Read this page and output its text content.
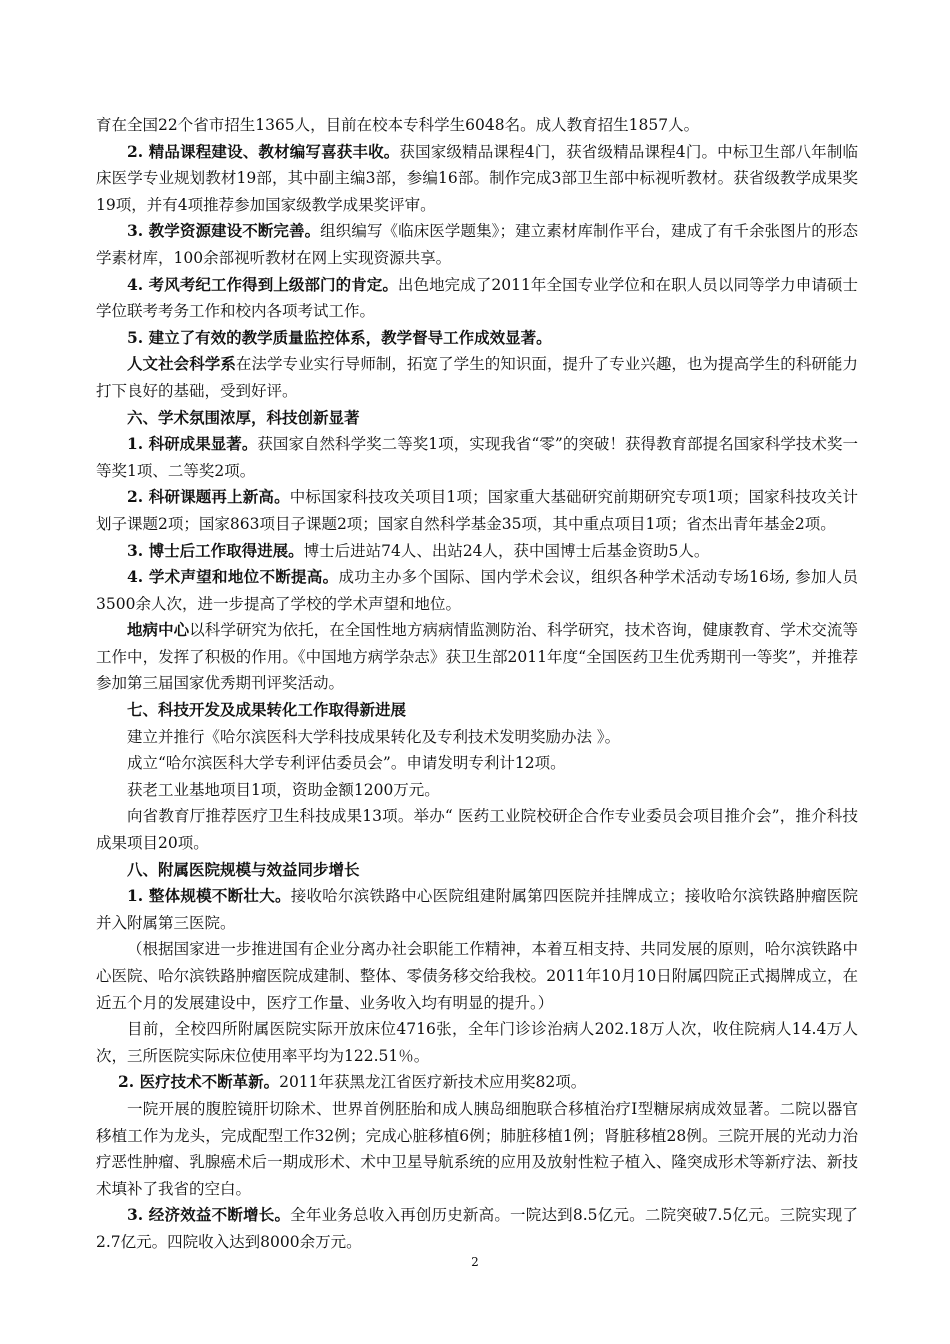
育在全国22个省市招生1365人，目前在校本专科学生6048名。成人教育招生1857人。

2. 精品课程建设、教材编写喜获丰收。获国家级精品课程4门，获省级精品课程4门。中标卫生部八年制临床医学专业规划教材19部，其中副主编3部，参编16部。制作完成3部卫生部中标视听教材。获省级教学成果奖19项，并有4项推荐参加国家级教学成果奖评审。

3. 教学资源建设不断完善。组织编写《临床医学题集》；建立素材库制作平台，建成了有千余张图片的形态学素材库，100余部视听教材在网上实现资源共享。

4. 考风考纪工作得到上级部门的肯定。出色地完成了2011年全国专业学位和在职人员以同等学力申请硕士学位联考考务工作和校内各项考试工作。

5. 建立了有效的教学质量监控体系，教学督导工作成效显著。

人文社会科学系在法学专业实行导师制，拓宽了学生的知识面，提升了专业兴趣，也为提高学生的科研能力打下良好的基础，受到好评。

六、学术氛围浓厚，科技创新显著

1. 科研成果显著。获国家自然科学奖二等奖1项，实现我省“零”的突破！获得教育部提名国家科学技术奖一等奖1项、二等奖2项。

2. 科研课题再上新高。中标国家科技攻关项目1项；国家重大基础研究前期研究专项1项；国家科技攻关计划子课题2项；国家863项目子课题2项；国家自然科学基金35项，其中重点项目1项；省杰出青年基金2项。

3. 博士后工作取得进展。博士后进站74人、出站24人，获中国博士后基金资助5人。

4. 学术声望和地位不断提高。成功主办多个国际、国内学术会议，组织各种学术活动专场16场, 参加人员3500余人次，进一步提高了学校的学术声望和地位。

地病中心以科学研究为依托，在全国性地方病病情监测防治、科学研究，技术咨询，健康教育、学术交流等工作中，发挥了积极的作用。《中国地方病学杂志》获卫生部2011年度“全国医药卫生优秀期刊一等奖”，并推荐参加第三届国家优秀期刊评奖活动。

七、科技开发及成果转化工作取得新进展

建立并推行《哈尔滨医科大学科技成果转化及专利技术发明奖励办法 》。

成立“哈尔滨医科大学专利评估委员会”。申请发明专利计12项。

获老工业基地项目1项，资助金额1200万元。

向省教育厅推荐医疗卫生科技成果13项。举办“ 医药工业院校研企合作专业委员会项目推介会”，推介科技成果项目20项。

八、附属医院规模与效益同步增长

1. 整体规模不断壮大。接收哈尔滨铁路中心医院组建附属第四医院并挂牌成立；接收哈尔滨铁路肿瘤医院并入附属第三医院。

（根据国家进一步推进国有企业分离办社会职能工作精神，本着互相支持、共同发展的原则，哈尔滨铁路中心医院、哈尔滨铁路肿瘤医院成建制、整体、零债务移交给我校。2011年10月10日附属四院正式揭牌成立，在近五个月的发展建设中，医疗工作量、业务收入均有明显的提升。）

目前，全校四所附属医院实际开放床位4716张，全年门诊诊治病人202.18万人次，收住院病人14.4万人次，三所医院实际床位使用率平均为122.51％。

2. 医疗技术不断革新。2011年获黑龙江省医疗新技术应用奖82项。

一院开展的腹腔镜肝切除术、世界首例胚胎和成人胰岛细胞联合移植治疗Ⅰ型糖尿病成效显著。二院以器官移植工作为龙头，完成配型工作32例；完成心脏移植6例；肺脏移植1例；肾脏移植28例。三院开展的光动力治疗恶性肿瘤、乳腺癌术后一期成形术、术中卫星导航系统的应用及放射性粒子植入、隆突成形术等新疗法、新技术填补了我省的空白。

3. 经济效益不断增长。全年业务总收入再创历史新高。一院达到8.5亿元。二院突破7.5亿元。三院实现了2.7亿元。四院收入达到8000余万元。

2
